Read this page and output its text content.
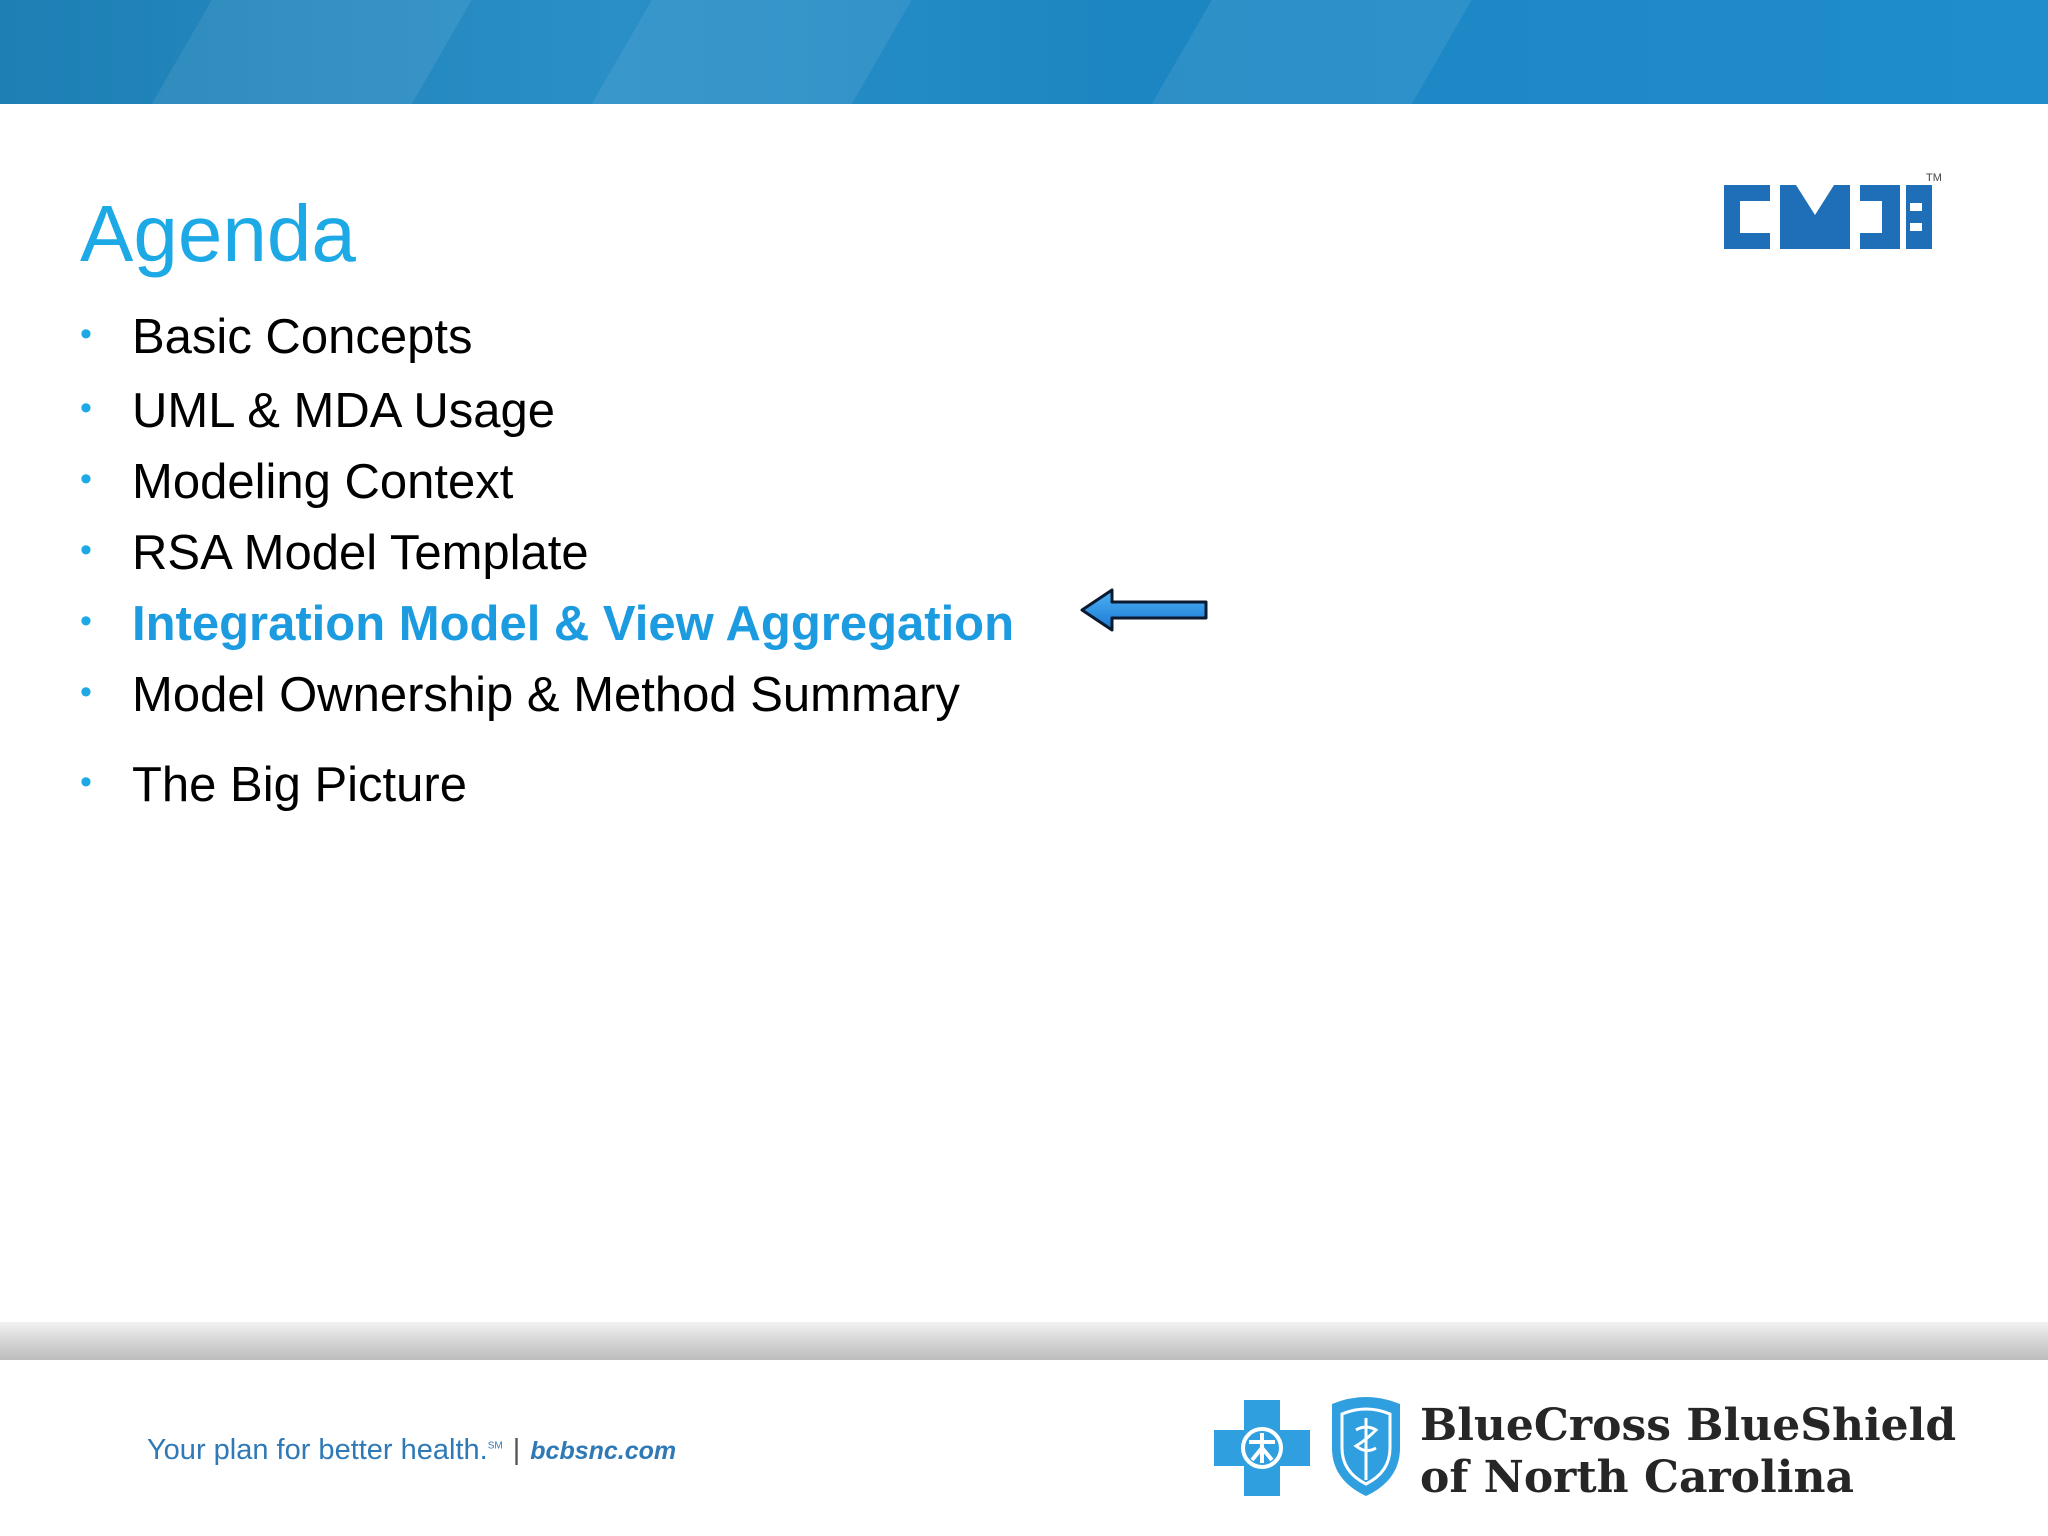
Agenda
TM
• Basic Concepts
• UML & MDA Usage
• Modeling Context
• RSA Model Template
• Integration Model & View Aggregation
• Model Ownership & Method Summary
• The Big Picture
Your plan for better health.℠ | bcbsnc.com	BlueCross BlueShield
of North Carolina
